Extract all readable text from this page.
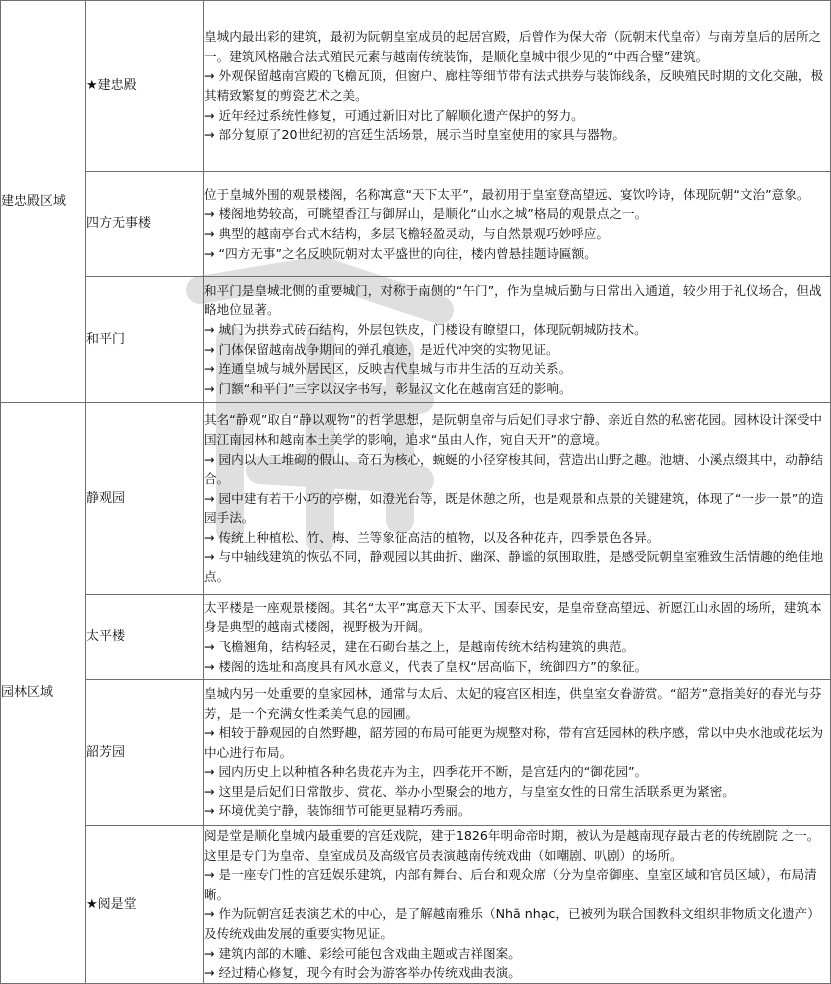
建忠殿区域	★建忠殿	皇城内最出彩的建筑，最初为阮朝皇室成员的起居宫殿，后曾作为保大帝（阮朝末代皇帝）与南芳皇后的居所之一。建筑风格融合法式殖民元素与越南传统装饰，是顺化皇城中很少见的“中西合璧”建筑。
→ 外观保留越南宫殿的飞檐瓦顶，但窗户、廊柱等细节带有法式拱券与装饰线条，反映殖民时期的文化交融，极其精致繁复的剪瓷艺术之美。
→ 近年经过系统性修复，可通过新旧对比了解顺化遗产保护的努力。
→ 部分复原了20世纪初的宫廷生活场景，展示当时皇室使用的家具与器物。

	四方无事楼	位于皇城外围的观景楼阁，名称寓意“天下太平”，最初用于皇室登高望远、宴饮吟诗，体现阮朝“文治”意象。
→ 楼阁地势较高，可眺望香江与御屏山，是顺化“山水之城”格局的观景点之一。
→ 典型的越南亭台式木结构，多层飞檐轻盈灵动，与自然景观巧妙呼应。
→ “四方无事”之名反映阮朝对太平盛世的向往，楼内曾悬挂题诗匾额。

	和平门	和平门是皇城北侧的重要城门，对称于南侧的“午门”，作为皇城后勤与日常出入通道，较少用于礼仪场合，但战略地位显著。
→ 城门为拱券式砖石结构，外层包铁皮，门楼设有瞭望口，体现阮朝城防技术。
→ 门体保留越南战争期间的弹孔痕迹，是近代冲突的实物见证。
→ 连通皇城与城外居民区，反映古代皇城与市井生活的互动关系。
→ 门额“和平门”三字以汉字书写，彰显汉文化在越南宫廷的影响。

园林区域	静观园	其名“静观”取自“静以观物”的哲学思想，是阮朝皇帝与后妃们寻求宁静、亲近自然的私密花园。园林设计深受中国江南园林和越南本土美学的影响，追求“虽由人作，宛自天开”的意境。
→ 园内以人工堆砌的假山、奇石为核心，蜿蜒的小径穿梭其间，营造出山野之趣。池塘、小溪点缀其中，动静结合。
→ 园中建有若干小巧的亭榭，如澄光台等，既是休憩之所，也是观景和点景的关键建筑，体现了“一步一景”的造园手法。
→ 传统上种植松、竹、梅、兰等象征高洁的植物，以及各种花卉，四季景色各异。
→ 与中轴线建筑的恢弘不同，静观园以其曲折、幽深、静谧的氛围取胜，是感受阮朝皇室雅致生活情趣的绝佳地点。

	太平楼	太平楼是一座观景楼阁。其名“太平”寓意天下太平、国泰民安，是皇帝登高望远、祈愿江山永固的场所，建筑本身是典型的越南式楼阁，视野极为开阔。
→ 飞檐翘角，结构轻灵，建在石砌台基之上，是越南传统木结构建筑的典范。
→ 楼阁的选址和高度具有风水意义，代表了皇权“居高临下，统御四方”的象征。

	韶芳园	皇城内另一处重要的皇家园林，通常与太后、太妃的寝宫区相连，供皇室女眷游赏。“韶芳”意指美好的春光与芬芳，是一个充满女性柔美气息的园圃。
→ 相较于静观园的自然野趣，韶芳园的布局可能更为规整对称，带有宫廷园林的秩序感，常以中央水池或花坛为中心进行布局。
→ 园内历史上以种植各种名贵花卉为主，四季花开不断，是宫廷内的“御花园”。
→ 这里是后妃们日常散步、赏花、举办小型聚会的地方，与皇室女性的日常生活联系更为紧密。
→ 环境优美宁静，装饰细节可能更显精巧秀丽。

	★阅是堂	阅是堂是顺化皇城内最重要的宫廷戏院，建于1826年明命帝时期，被认为是越南现存最古老的传统剧院 之一。这里是专门为皇帝、皇室成员及高级官员表演越南传统戏曲（如嘲剧、叭剧）的场所。
→ 是一座专门性的宫廷娱乐建筑，内部有舞台、后台和观众席（分为皇帝御座、皇室区域和官员区域），布局清晰。
→ 作为阮朝宫廷表演艺术的中心，是了解越南雅乐（Nhã nhạc，已被列为联合国教科文组织非物质文化遗产）及传统戏曲发展的重要实物见证。
→ 建筑内部的木雕、彩绘可能包含戏曲主题或吉祥图案。
→ 经过精心修复，现今有时会为游客举办传统戏曲表演。
